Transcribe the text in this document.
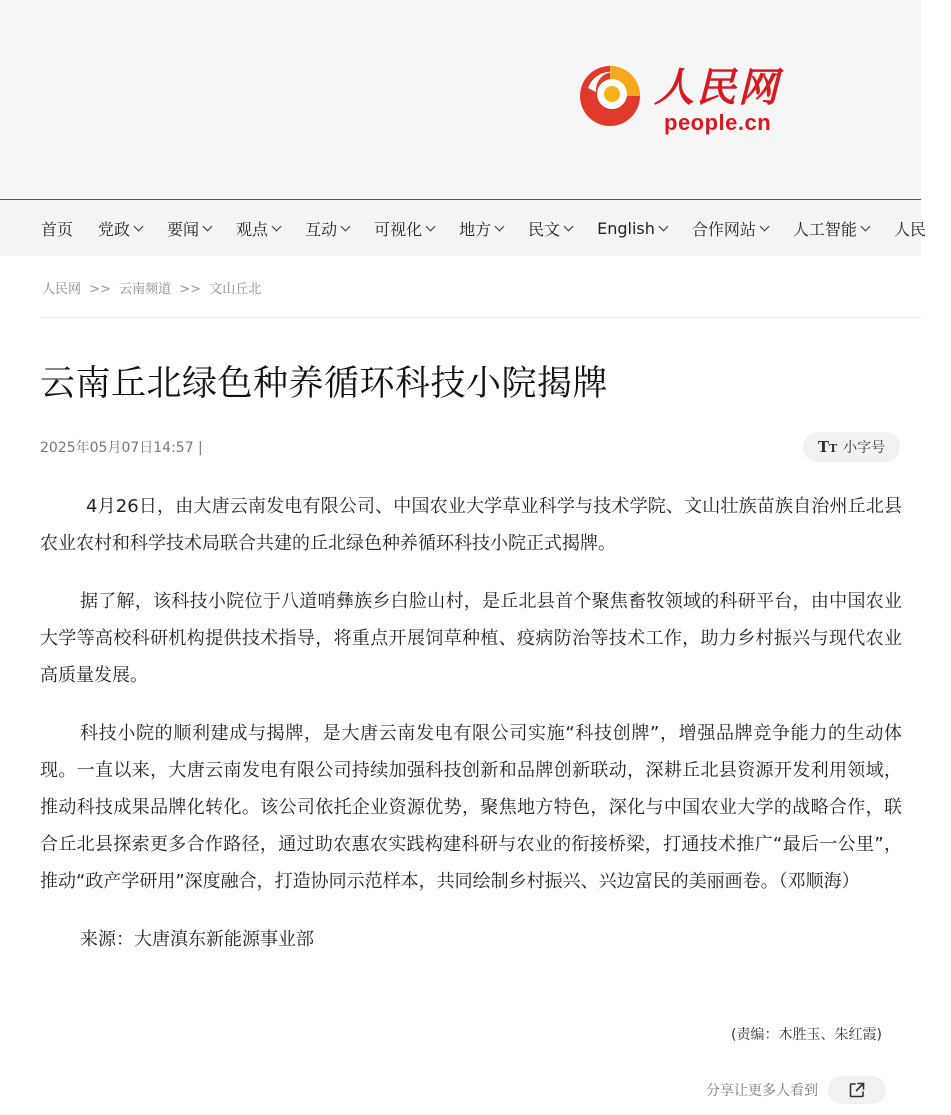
人民网
people.cn
首页 党政 要闻 观点 互动 可视化 地方 民文 English 合作网站 人工智能 人民
人民网 >> 云南频道 >> 文山丘北
云南丘北绿色种养循环科技小院揭牌
2025年05月07日14:57 |	TT 小字号

4月26日，由大唐云南发电有限公司、中国农业大学草业科学与技术学院、文山壮族苗族自治州丘北县农业农村和科学技术局联合共建的丘北绿色种养循环科技小院正式揭牌。

据了解，该科技小院位于八道哨彝族乡白脸山村，是丘北县首个聚焦畜牧领域的科研平台，由中国农业大学等高校科研机构提供技术指导，将重点开展饲草种植、疫病防治等技术工作，助力乡村振兴与现代农业高质量发展。

科技小院的顺利建成与揭牌，是大唐云南发电有限公司实施“科技创牌”，增强品牌竞争能力的生动体现。一直以来，大唐云南发电有限公司持续加强科技创新和品牌创新联动，深耕丘北县资源开发利用领域，推动科技成果品牌化转化。该公司依托企业资源优势，聚焦地方特色，深化与中国农业大学的战略合作，联合丘北县探索更多合作路径，通过助农惠农实践构建科研与农业的衔接桥梁，打通技术推广“最后一公里”，推动“政产学研用”深度融合，打造协同示范样本，共同绘制乡村振兴、兴边富民的美丽画卷。（邓顺海）

来源：大唐滇东新能源事业部

(责编：木胜玉、朱红霞)
分享让更多人看到
